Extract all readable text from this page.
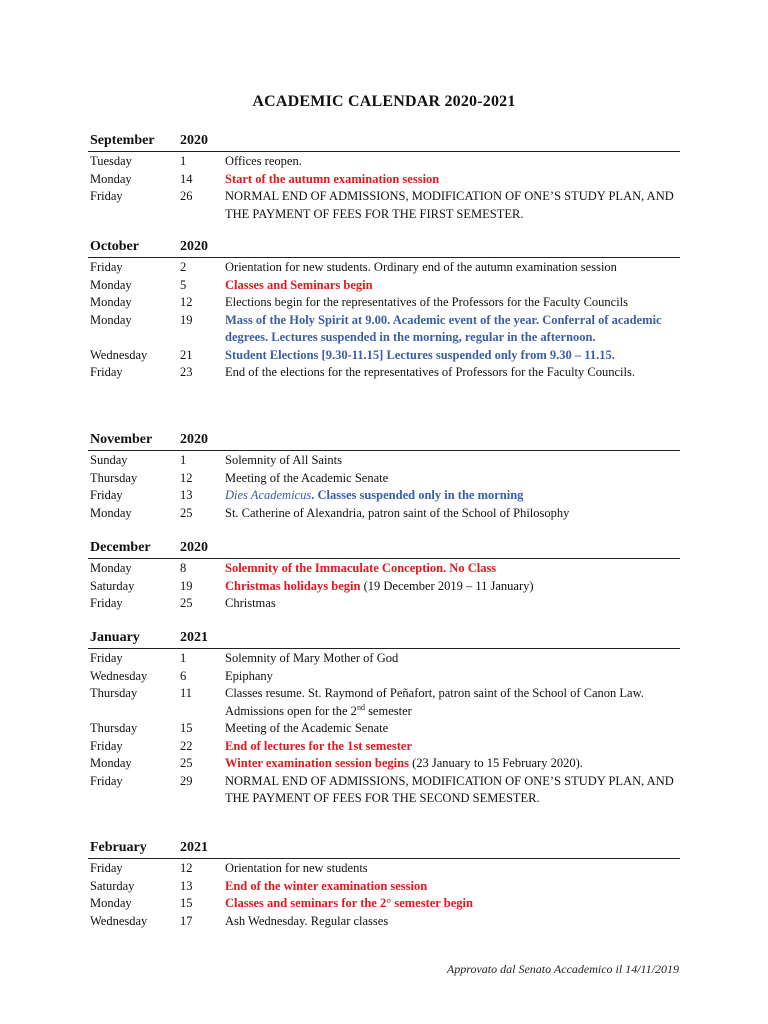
ACADEMIC CALENDAR 2020-2021
September 2020
Tuesday	1	Offices reopen.
Monday	14	Start of the autumn examination session
Friday	26	NORMAL END OF ADMISSIONS, MODIFICATION OF ONE’S STUDY PLAN, AND THE PAYMENT OF FEES FOR THE FIRST SEMESTER.
October	2020
Friday	2	Orientation for new students. Ordinary end of the autumn examination session
Monday	5	Classes and Seminars begin
Monday	12	Elections begin for the representatives of the Professors for the Faculty Councils
Monday	19	Mass of the Holy Spirit at 9.00. Academic event of the year. Conferral of academic degrees. Lectures suspended in the morning, regular in the afternoon.
Wednesday	21	Student Elections [9.30-11.15] Lectures suspended only from 9.30 – 11.15.
Friday	23	End of the elections for the representatives of Professors for the Faculty Councils.
November 2020
Sunday	1	Solemnity of All Saints
Thursday	12	Meeting of the Academic Senate
Friday	13	Dies Academicus. Classes suspended only in the morning
Monday	25	St. Catherine of Alexandria, patron saint of the School of Philosophy
December 2020
Monday	8	Solemnity of the Immaculate Conception. No Class
Saturday	19	Christmas holidays begin (19 December 2019 – 11 January)
Friday	25	Christmas
January	2021
Friday	1	Solemnity of Mary Mother of God
Wednesday	6	Epiphany
Thursday	11	Classes resume. St. Raymond of Peñafort, patron saint of the School of Canon Law. Admissions open for the 2nd semester
Thursday	15	Meeting of the Academic Senate
Friday	22	End of lectures for the 1st semester
Monday	25	Winter examination session begins (23 January to 15 February 2020).
Friday	29	NORMAL END OF ADMISSIONS, MODIFICATION OF ONE’S STUDY PLAN, AND THE PAYMENT OF FEES FOR THE SECOND SEMESTER.
February 2021
Friday	12	Orientation for new students
Saturday	13	End of the winter examination session
Monday	15	Classes and seminars for the 2° semester begin
Wednesday	17	Ash Wednesday. Regular classes
Approvato dal Senato Accademico il 14/11/2019
